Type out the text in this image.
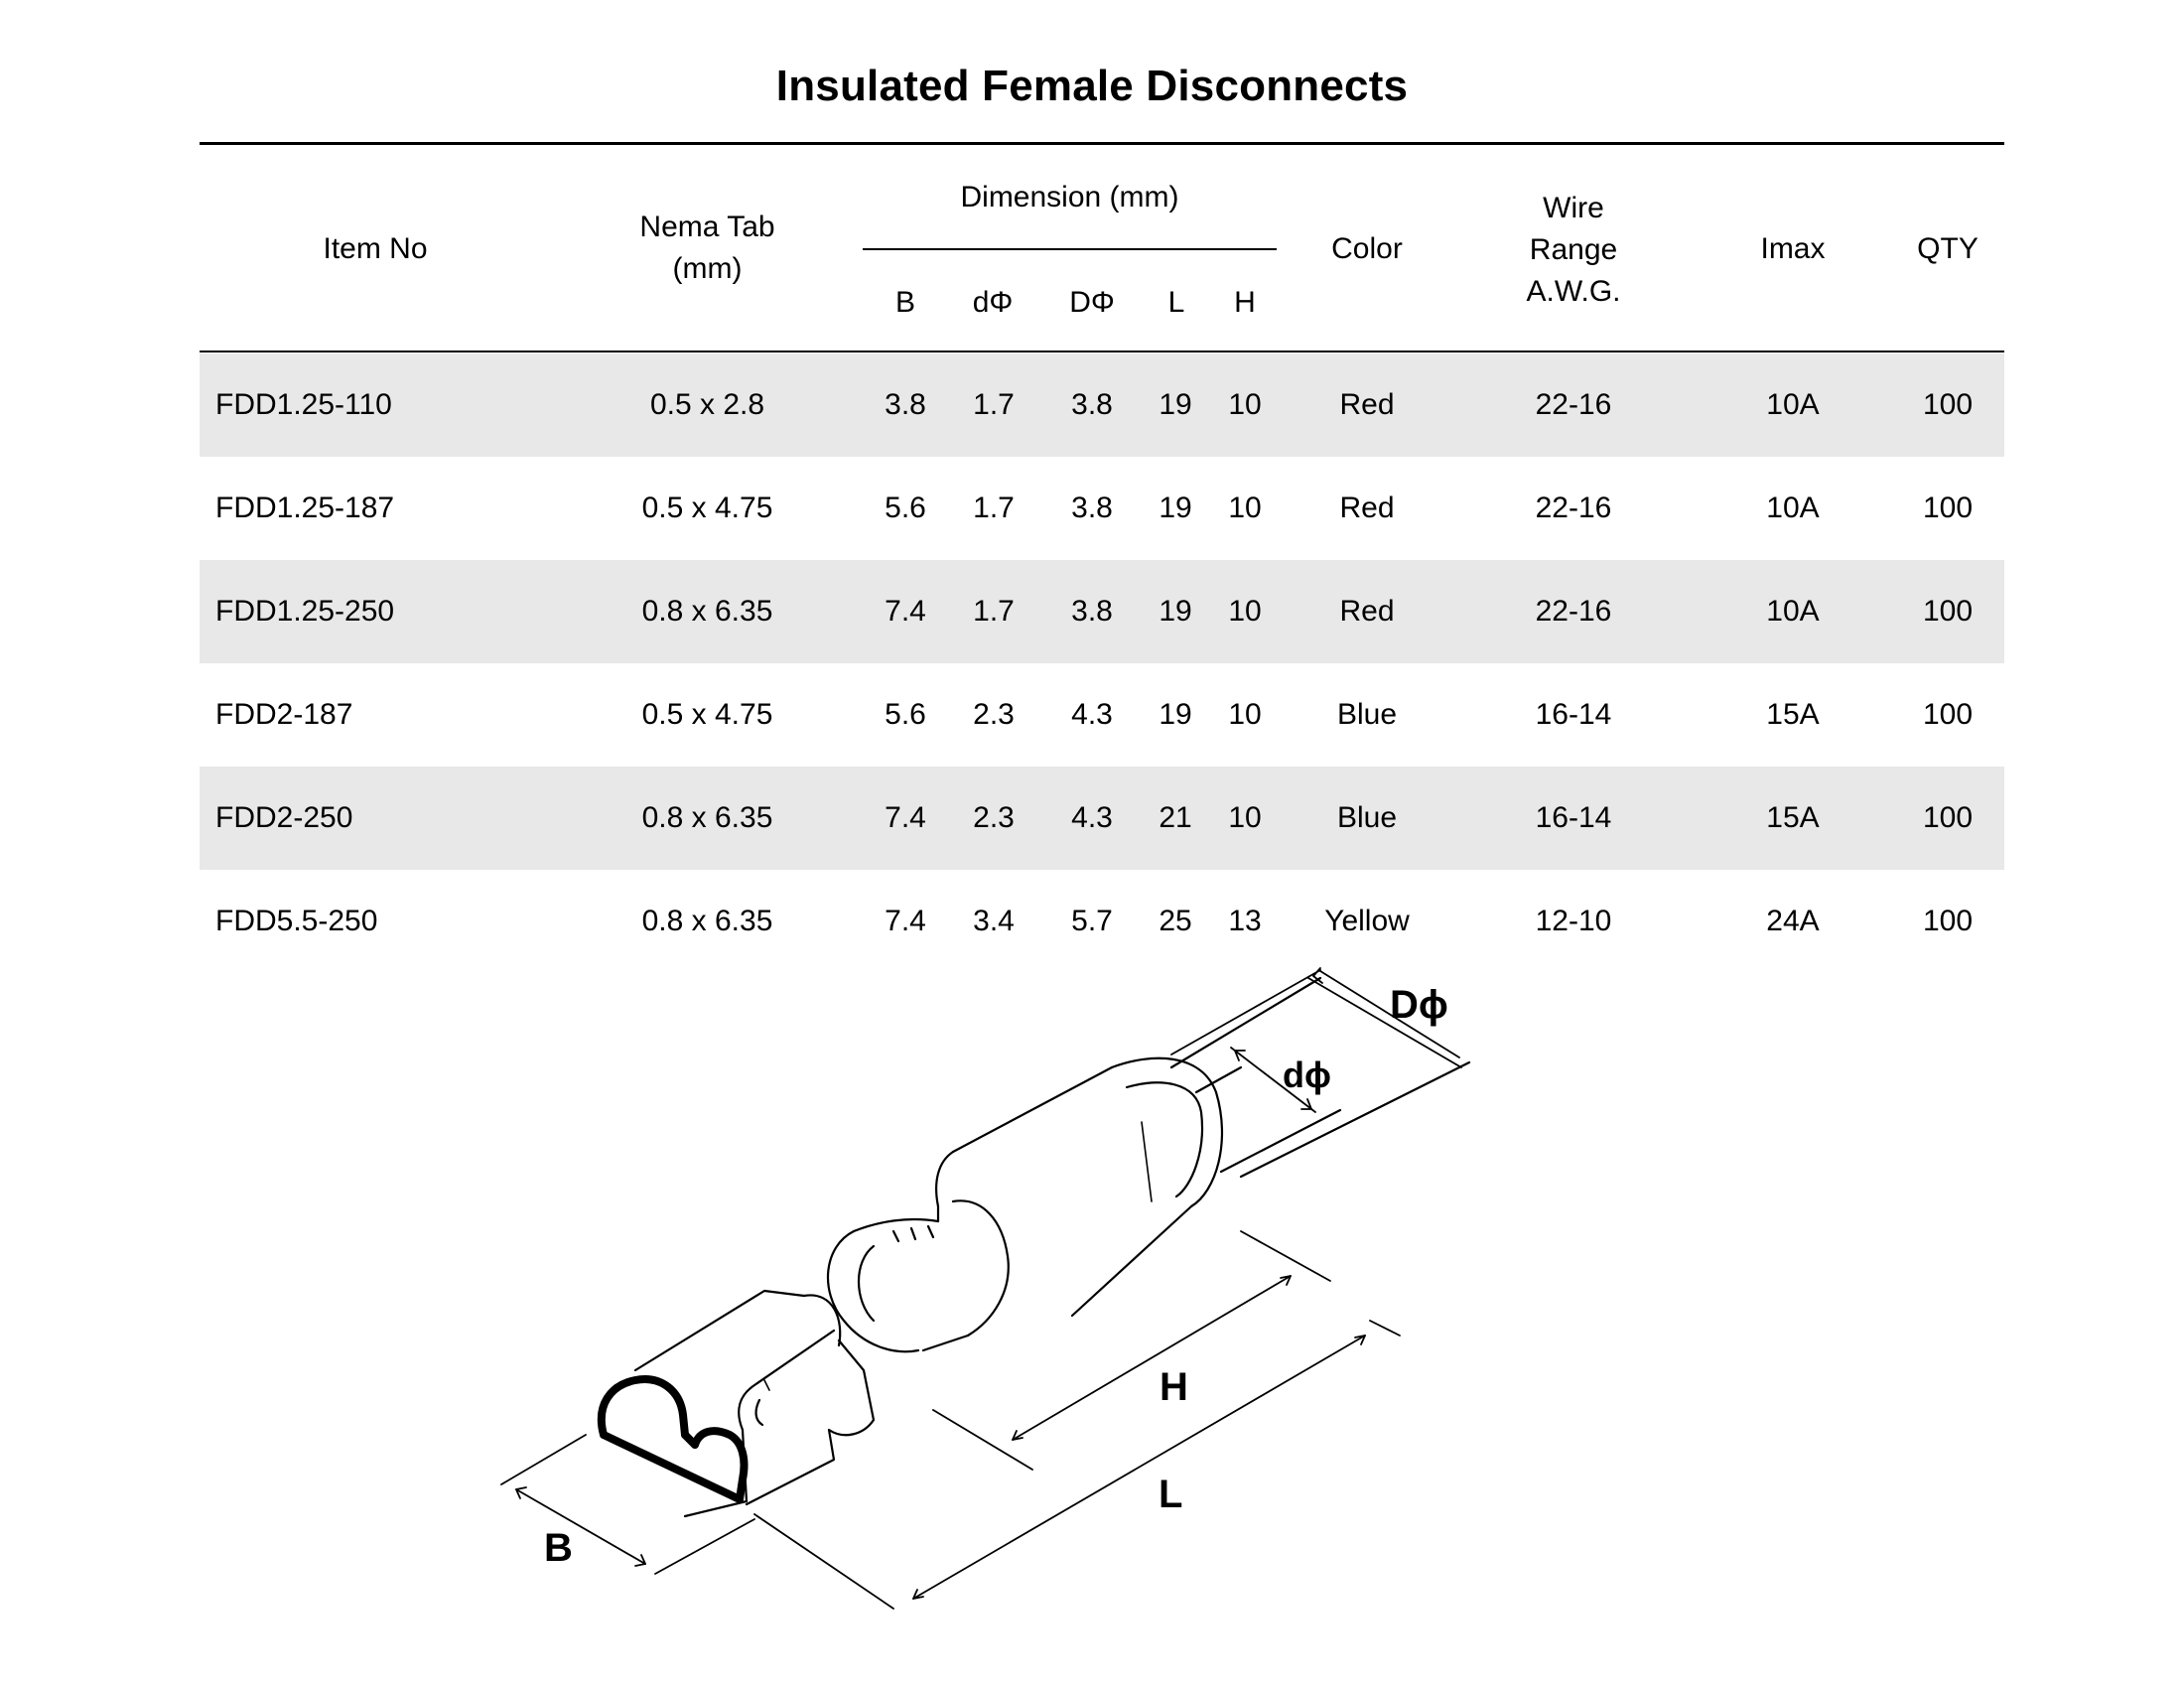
Insulated Female Disconnects
Item No
Nema Tab
(mm)
Dimension (mm)
B	dΦ	DΦ	L	H
Color
Wire
Range
A.W.G.
Imax	QTY
FDD1.25-110	0.5 x 2.8	3.8	1.7	3.8	19	10	Red	22-16	10A	100
FDD1.25-187	0.5 x 4.75	5.6	1.7	3.8	19	10	Red	22-16	10A	100
FDD1.25-250	0.8 x 6.35	7.4	1.7	3.8	19	10	Red	22-16	10A	100
FDD2-187	0.5 x 4.75	5.6	2.3	4.3	19	10	Blue	16-14	15A	100
FDD2-250	0.8 x 6.35	7.4	2.3	4.3	21	10	Blue	16-14	15A	100
FDD5.5-250	0.8 x 6.35	7.4	3.4	5.7	25	13	Yellow	12-10	24A	100
Dϕ
dϕ
H
L
B
